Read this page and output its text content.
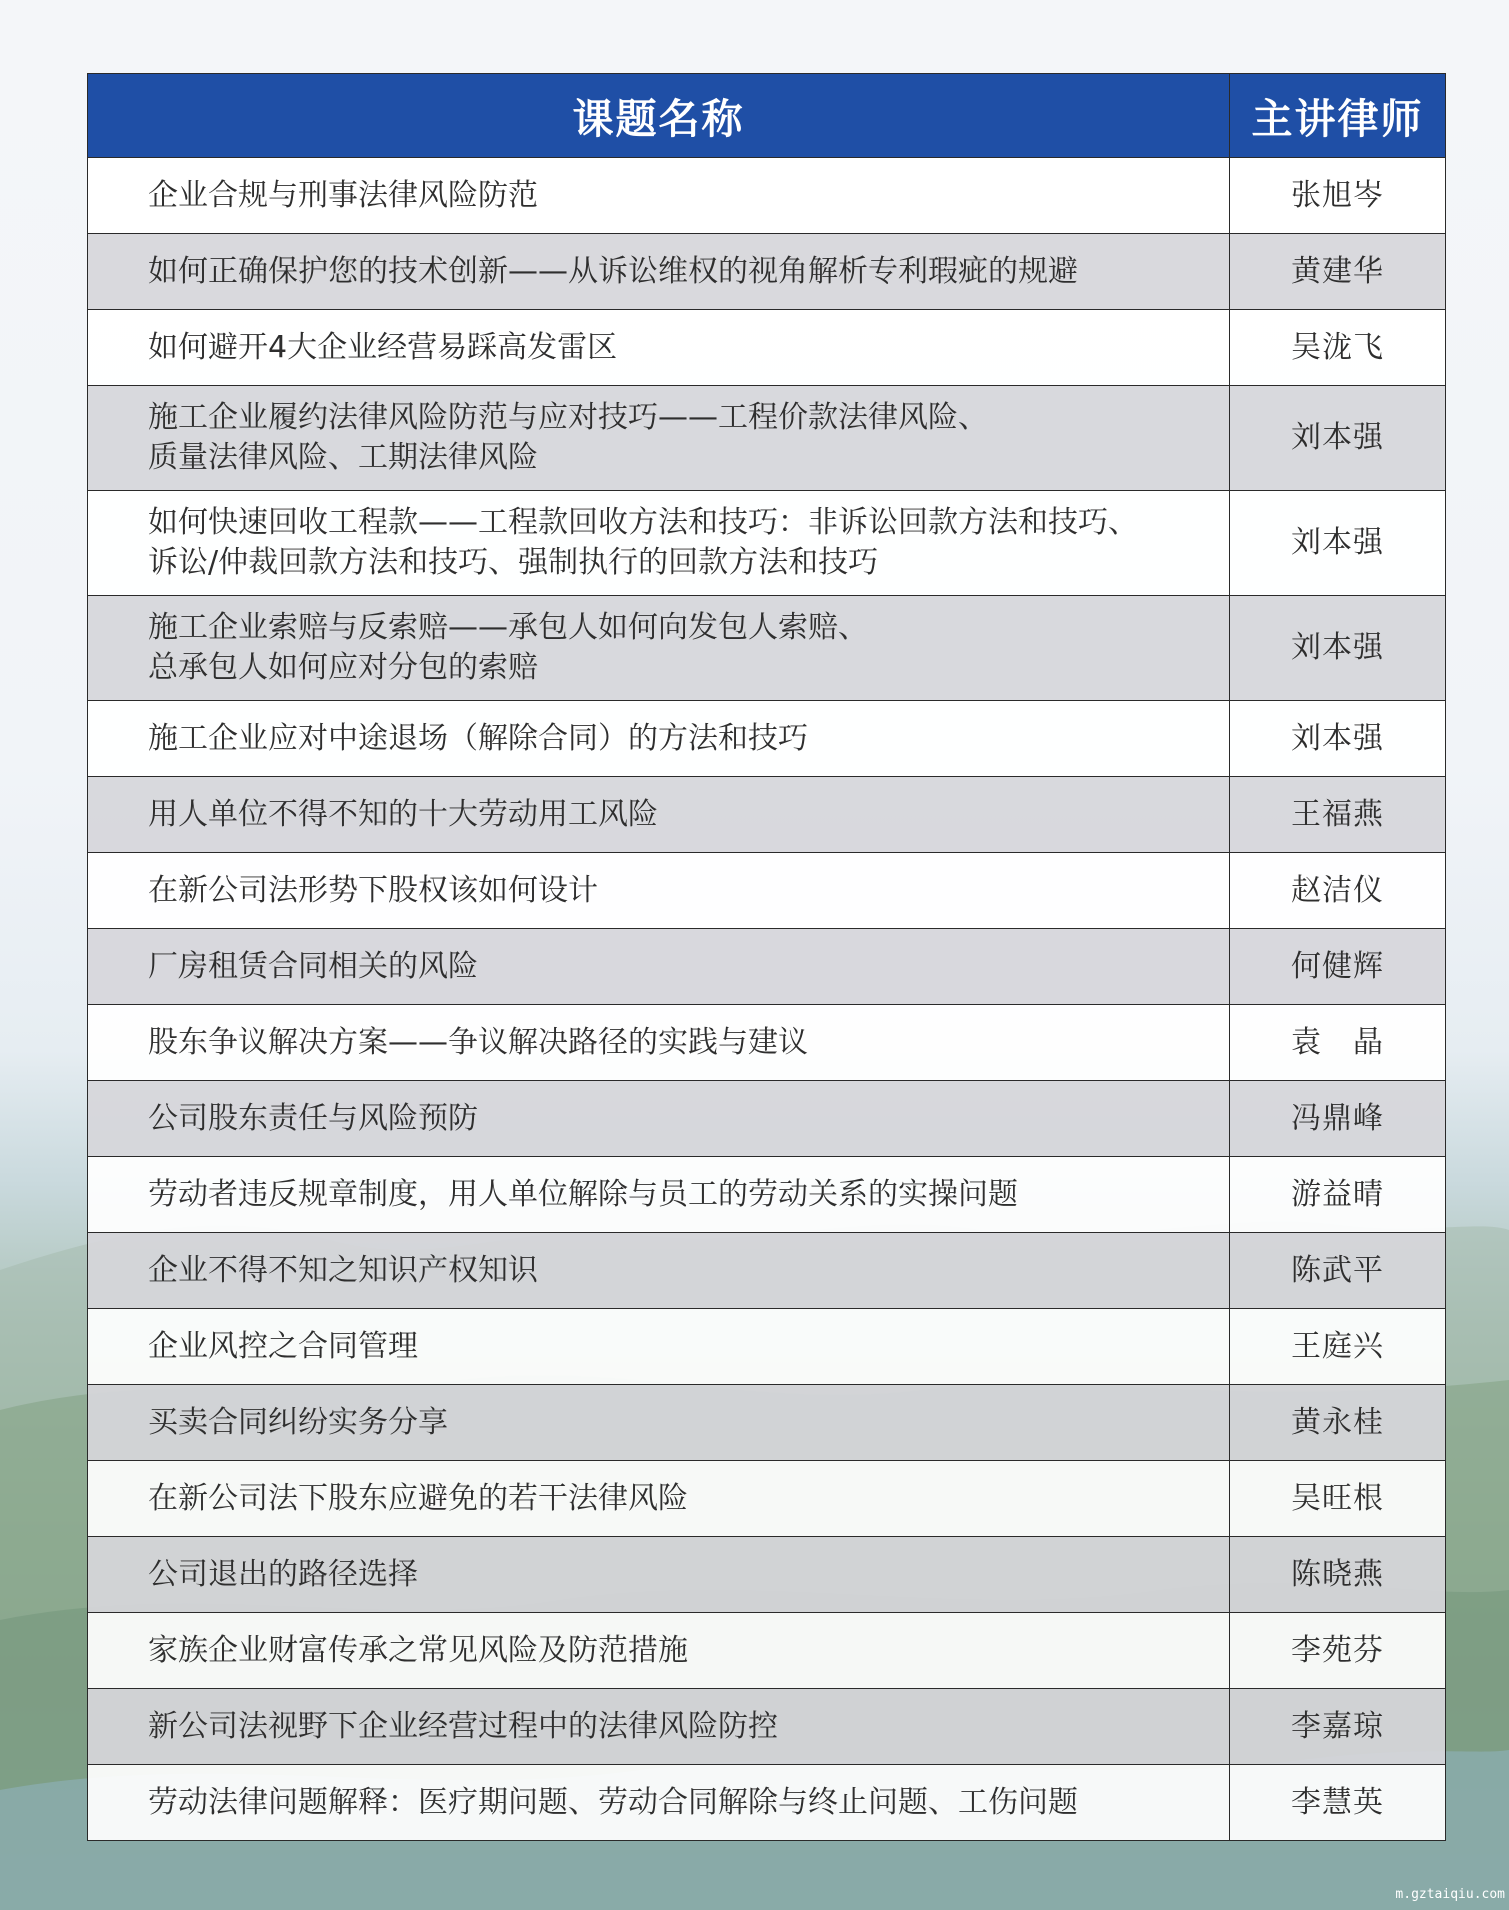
课题名称	主讲律师

企业合规与刑事法律风险防范	张旭岑

如何正确保护您的技术创新——从诉讼维权的视角解析专利瑕疵的规避	黄建华

如何避开4大企业经营易踩高发雷区	吴泷飞

施工企业履约法律风险防范与应对技巧——工程价款法律风险、
质量法律风险、工期法律风险	刘本强

如何快速回收工程款——工程款回收方法和技巧：非诉讼回款方法和技巧、
诉讼/仲裁回款方法和技巧、强制执行的回款方法和技巧	刘本强

施工企业索赔与反索赔——承包人如何向发包人索赔、
总承包人如何应对分包的索赔	刘本强

施工企业应对中途退场（解除合同）的方法和技巧	刘本强

用人单位不得不知的十大劳动用工风险	王福燕

在新公司法形势下股权该如何设计	赵洁仪

厂房租赁合同相关的风险	何健辉

股东争议解决方案——争议解决路径的实践与建议	袁　晶

公司股东责任与风险预防	冯鼎峰

劳动者违反规章制度，用人单位解除与员工的劳动关系的实操问题	游益晴

企业不得不知之知识产权知识	陈武平

企业风控之合同管理	王庭兴

买卖合同纠纷实务分享	黄永桂

在新公司法下股东应避免的若干法律风险	吴旺根

公司退出的路径选择	陈晓燕

家族企业财富传承之常见风险及防范措施	李苑芬

新公司法视野下企业经营过程中的法律风险防控	李嘉琼

劳动法律问题解释：医疗期问题、劳动合同解除与终止问题、工伤问题	李慧英
m.gztaiqiu.com
